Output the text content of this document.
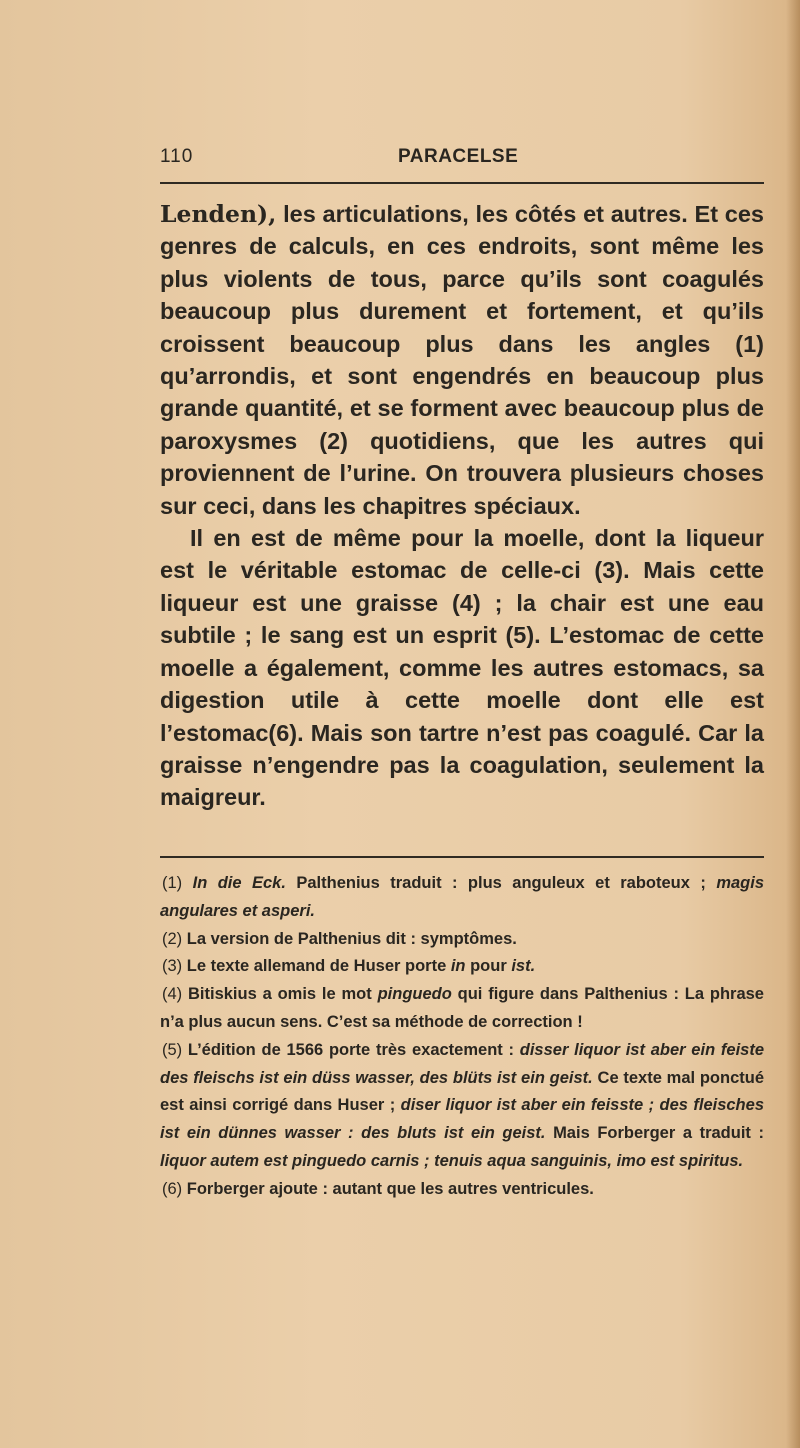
110	PARACELSE

Lenden), les articulations, les côtés et autres. Et ces genres de calculs, en ces endroits, sont même les plus violents de tous, parce qu’ils sont coagulés beaucoup plus durement et fortement, et qu’ils croissent beaucoup plus dans les angles (1) qu’arrondis, et sont engendrés en beaucoup plus grande quantité, et se forment avec beaucoup plus de paroxysmes (2) quotidiens, que les autres qui proviennent de l’urine. On trouvera plusieurs choses sur ceci, dans les chapitres spéciaux.

Il en est de même pour la moelle, dont la liqueur est le véritable estomac de celle-ci (3). Mais cette liqueur est une graisse (4) ; la chair est une eau subtile ; le sang est un esprit (5). L’estomac de cette moelle a également, comme les autres estomacs, sa digestion utile à cette moelle dont elle est l’estomac(6). Mais son tartre n’est pas coagulé. Car la graisse n’engendre pas la coagulation, seulement la maigreur.

(1) In die Eck. Palthenius traduit : plus anguleux et raboteux ; magis angulares et asperi.

(2) La version de Palthenius dit : symptômes.

(3) Le texte allemand de Huser porte in pour ist.

(4) Bitiskius a omis le mot pinguedo qui figure dans Palthenius : La phrase n’a plus aucun sens. C’est sa méthode de correction !

(5) L’édition de 1566 porte très exactement : disser liquor ist aber ein feiste des fleischs ist ein düss wasser, des blüts ist ein geist. Ce texte mal ponctué est ainsi corrigé dans Huser ; diser liquor ist aber ein feisste ; des fleisches ist ein dünnes wasser : des bluts ist ein geist. Mais Forberger a traduit : liquor autem est pinguedo carnis ; tenuis aqua sanguinis, imo est spiritus.

(6) Forberger ajoute : autant que les autres ventricules.
